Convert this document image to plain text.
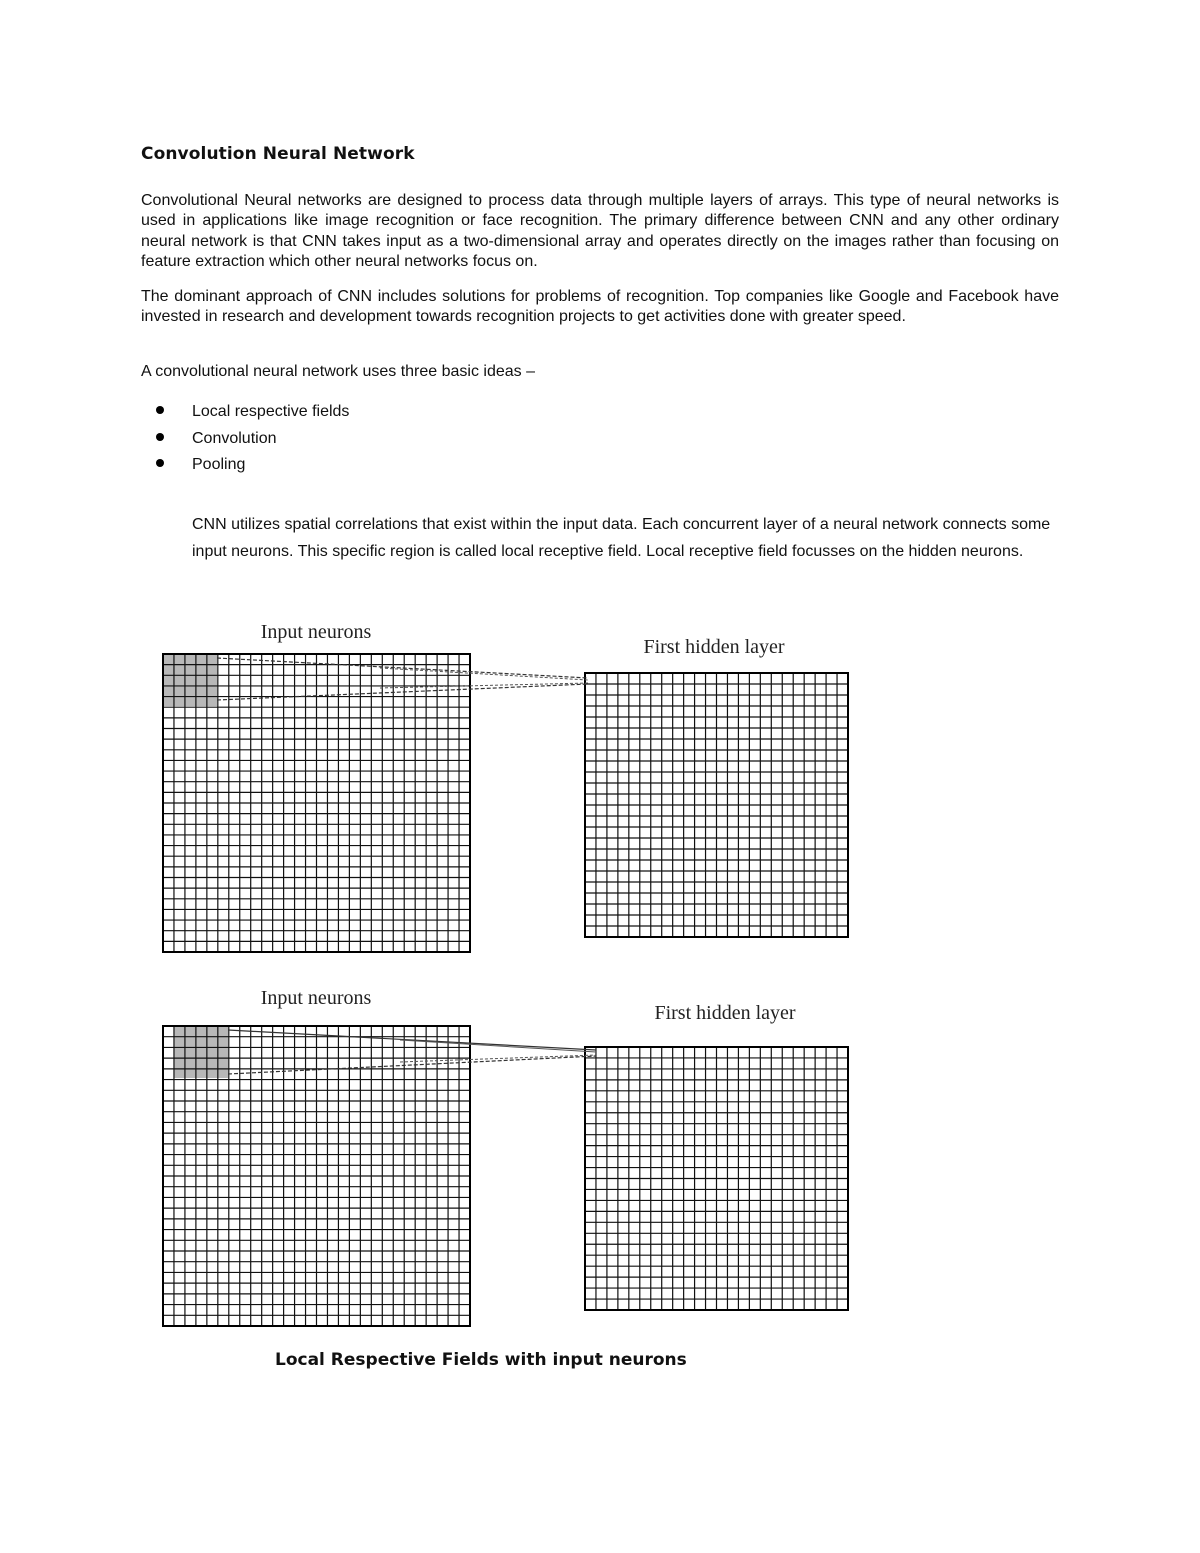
Convolution Neural Network

Convolutional Neural networks are designed to process data through multiple layers of arrays. This type of neural networks is used in applications like image recognition or face recognition. The primary difference between CNN and any other ordinary neural network is that CNN takes input as a two-dimensional array and operates directly on the images rather than focusing on feature extraction which other neural networks focus on.

The dominant approach of CNN includes solutions for problems of recognition. Top companies like Google and Facebook have invested in research and development towards recognition projects to get activities done with greater speed.

A convolutional neural network uses three basic ideas –

Local respective fields
Convolution
Pooling

CNN utilizes spatial correlations that exist within the input data. Each concurrent layer of a neural network connects some input neurons. This specific region is called local receptive field. Local receptive field focusses on the hidden neurons.

Input neurons
First hidden layer
Input neurons
First hidden layer
Local Respective Fields with input neurons
